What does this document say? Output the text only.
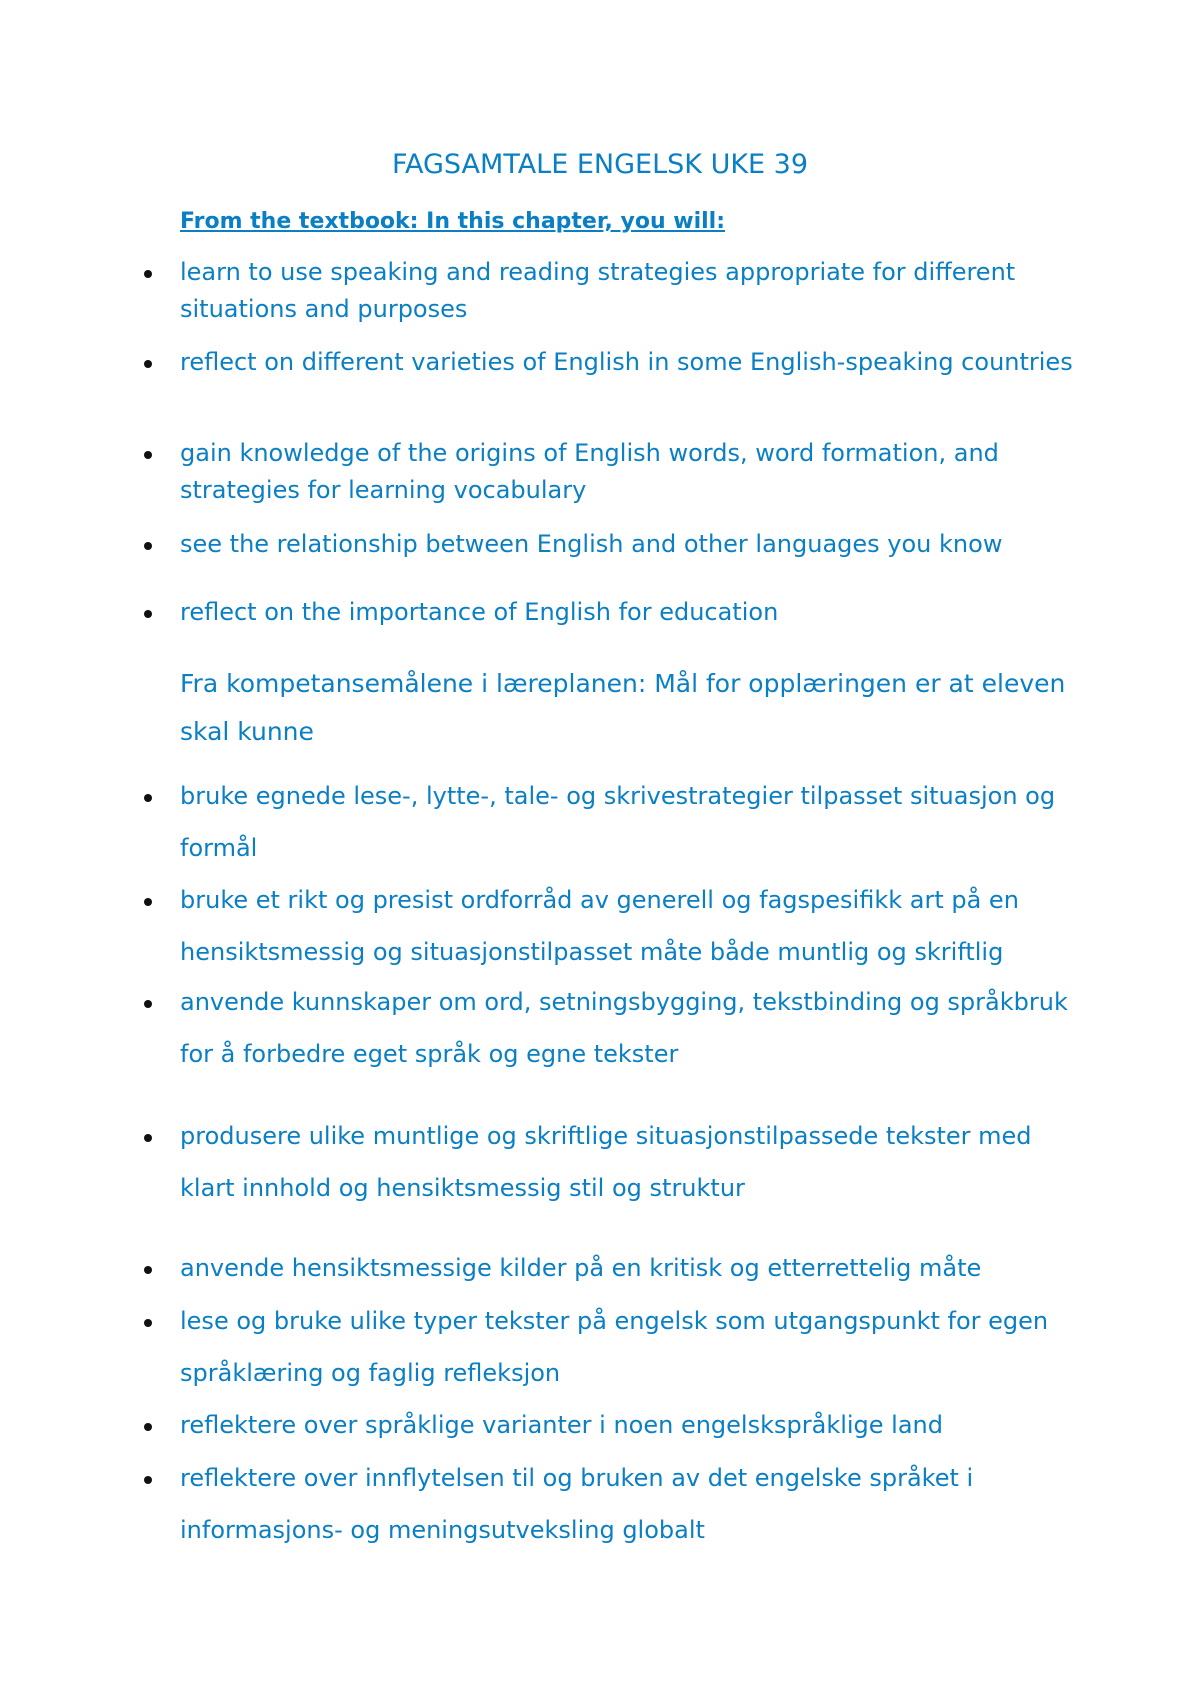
FAGSAMTALE ENGELSK UKE 39

From the textbook: In this chapter, you will:

learn to use speaking and reading strategies appropriate for different situations and purposes
reflect on different varieties of English in some English-speaking countries
gain knowledge of the origins of English words, word formation, and strategies for learning vocabulary
see the relationship between English and other languages you know
reflect on the importance of English for education

Fra kompetansemålene i læreplanen: Mål for opplæringen er at eleven skal kunne

bruke egnede lese-, lytte-, tale- og skrivestrategier tilpasset situasjon og formål
bruke et rikt og presist ordforråd av generell og fagspesifikk art på en hensiktsmessig og situasjonstilpasset måte både muntlig og skriftlig
anvende kunnskaper om ord, setningsbygging, tekstbinding og språkbruk for å forbedre eget språk og egne tekster
produsere ulike muntlige og skriftlige situasjonstilpassede tekster med klart innhold og hensiktsmessig stil og struktur
anvende hensiktsmessige kilder på en kritisk og etterrettelig måte
lese og bruke ulike typer tekster på engelsk som utgangspunkt for egen språklæring og faglig refleksjon
reflektere over språklige varianter i noen engelskspråklige land
reflektere over innflytelsen til og bruken av det engelske språket i informasjons- og meningsutveksling globalt
